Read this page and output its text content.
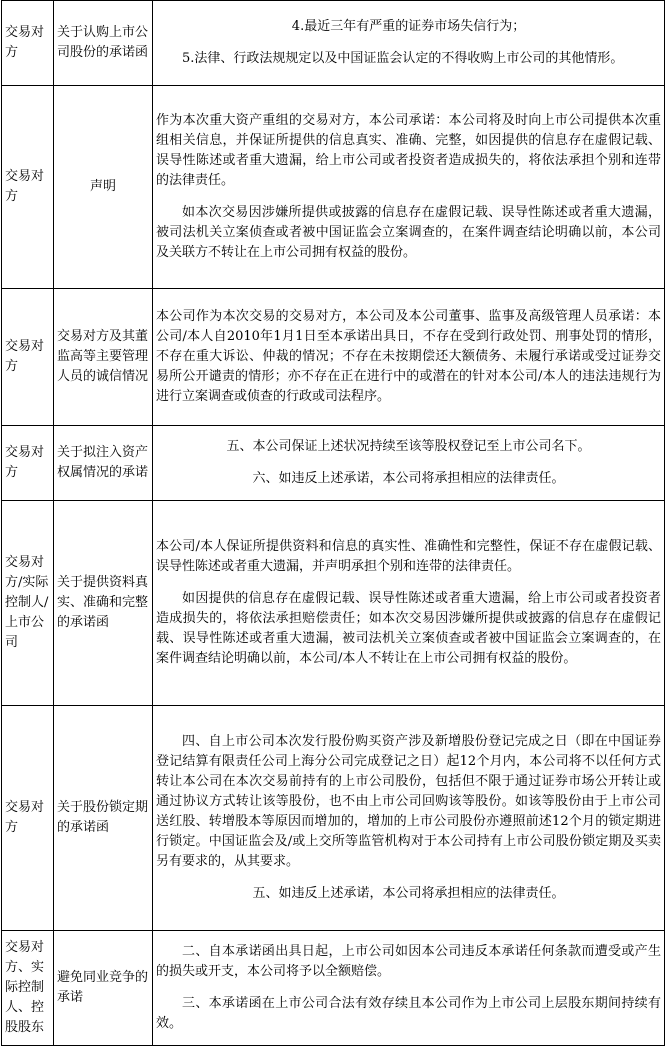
交易对方	关于认购上市公司股份的承诺函	4.最近三年有严重的证券市场失信行为；

5.法律、行政法规规定以及中国证监会认定的不得收购上市公司的其他情形。

交易对方	声明	作为本次重大资产重组的交易对方，本公司承诺：本公司将及时向上市公司提供本次重组相关信息，并保证所提供的信息真实、准确、完整，如因提供的信息存在虚假记载、误导性陈述或者重大遗漏，给上市公司或者投资者造成损失的，将依法承担个别和连带的法律责任。

如本次交易因涉嫌所提供或披露的信息存在虚假记载、误导性陈述或者重大遗漏，被司法机关立案侦查或者被中国证监会立案调查的，在案件调查结论明确以前，本公司及关联方不转让在上市公司拥有权益的股份。

交易对方	交易对方及其董监高等主要管理人员的诚信情况	本公司作为本次交易的交易对方，本公司及本公司董事、监事及高级管理人员承诺：本公司/本人自2010年1月1日至本承诺出具日，不存在受到行政处罚、刑事处罚的情形，不存在重大诉讼、仲裁的情况；不存在未按期偿还大额债务、未履行承诺或受过证券交易所公开谴责的情形；亦不存在正在进行中的或潜在的针对本公司/本人的违法违规行为进行立案调查或侦查的行政或司法程序。

交易对方	关于拟注入资产权属情况的承诺	五、本公司保证上述状况持续至该等股权登记至上市公司名下。

六、如违反上述承诺，本公司将承担相应的法律责任。

交易对方/实际控制人/上市公司	关于提供资料真实、准确和完整的承诺函	本公司/本人保证所提供资料和信息的真实性、准确性和完整性，保证不存在虚假记载、误导性陈述或者重大遗漏，并声明承担个别和连带的法律责任。

如因提供的信息存在虚假记载、误导性陈述或者重大遗漏，给上市公司或者投资者造成损失的，将依法承担赔偿责任；如本次交易因涉嫌所提供或披露的信息存在虚假记载、误导性陈述或者重大遗漏，被司法机关立案侦查或者被中国证监会立案调查的，在案件调查结论明确以前，本公司/本人不转让在上市公司拥有权益的股份。

交易对方	关于股份锁定期的承诺函	四、自上市公司本次发行股份购买资产涉及新增股份登记完成之日（即在中国证券登记结算有限责任公司上海分公司完成登记之日）起12个月内，本公司将不以任何方式转让本公司在本次交易前持有的上市公司股份，包括但不限于通过证券市场公开转让或通过协议方式转让该等股份，也不由上市公司回购该等股份。如该等股份由于上市公司送红股、转增股本等原因而增加的，增加的上市公司股份亦遵照前述12个月的锁定期进行锁定。中国证监会及/或上交所等监管机构对于本公司持有上市公司股份锁定期及买卖另有要求的，从其要求。

五、如违反上述承诺，本公司将承担相应的法律责任。

交易对方、实际控制人、控股股东	避免同业竞争的承诺	二、自本承诺函出具日起，上市公司如因本公司违反本承诺任何条款而遭受或产生的损失或开支，本公司将予以全额赔偿。

三、本承诺函在上市公司合法有效存续且本公司作为上市公司上层股东期间持续有效。
